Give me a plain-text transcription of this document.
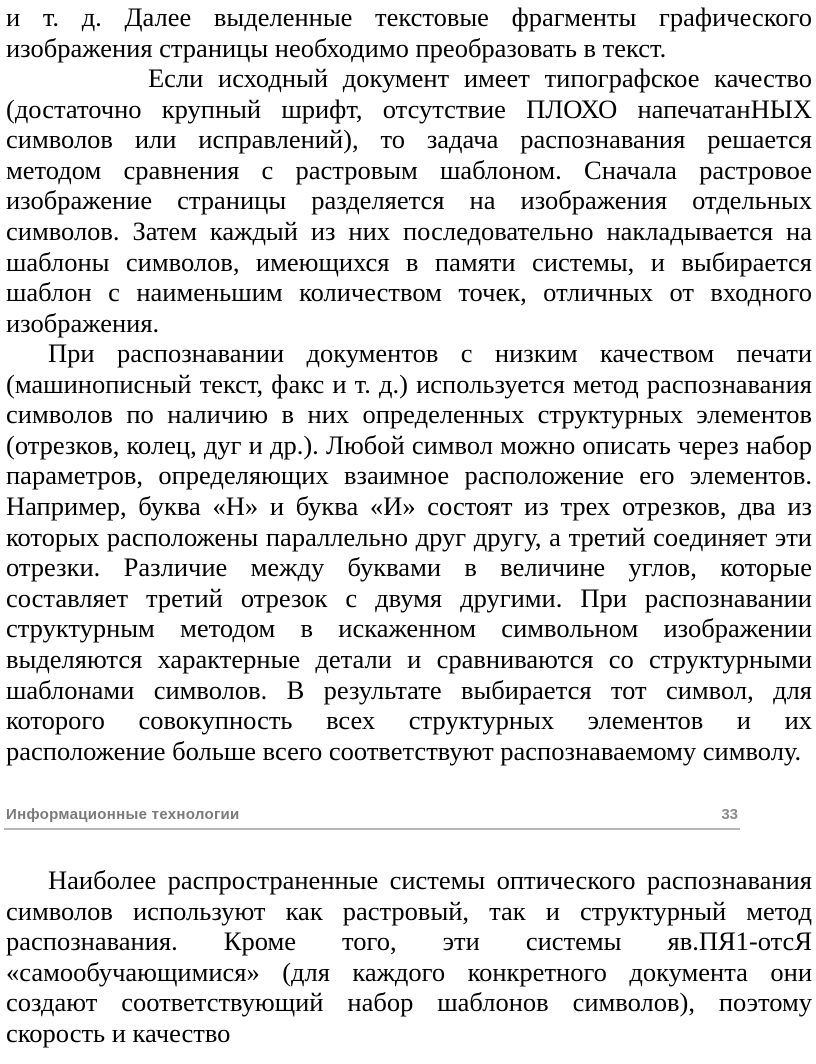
и т. д. Далее выделенные текстовые фрагменты графического изображения страницы необходимо преобразовать в текст.

Если исходный документ имеет типографское качество (достаточно крупный шрифт, отсутствие ПЛОХО напечатанНЫХ символов или исправлений), то задача распознавания решается методом сравнения с растровым шаблоном. Сначала растровое изображение страницы разделяется на изображения отдельных символов. Затем каждый из них последовательно накладывается на шаблоны символов, имеющихся в памяти системы, и выбирается шаблон с наименьшим количеством точек, отличных от входного изображения.

При распознавании документов с низким качеством печати (машинописный текст, факс и т. д.) используется метод распознавания символов по наличию в них определенных структурных элементов (отрезков, колец, дуг и др.). Любой символ можно описать через набор параметров, определяющих взаимное расположение его элементов. Например, буква «Н» и буква «И» состоят из трех отрезков, два из которых расположены параллельно друг другу, а третий соединяет эти отрезки. Различие между буквами в величине углов, которые составляет третий отрезок с двумя другими. При распознавании структурным методом в искаженном символьном изображении выделяются характерные детали и сравниваются со структурными шаблонами символов. В результате выбирается тот символ, для которого совокупность всех структурных элементов и их расположение больше всего соответствуют распознаваемому символу.

Информационные технологии	33

Наиболее распространенные системы оптического распознавания символов используют как растровый, так и структурный метод распознавания. Кроме того, эти системы яв.ПЯ1-отсЯ «самообучающимися» (для каждого конкретного документа они создают соответствующий набор шаблонов символов), поэтому скорость и качество
